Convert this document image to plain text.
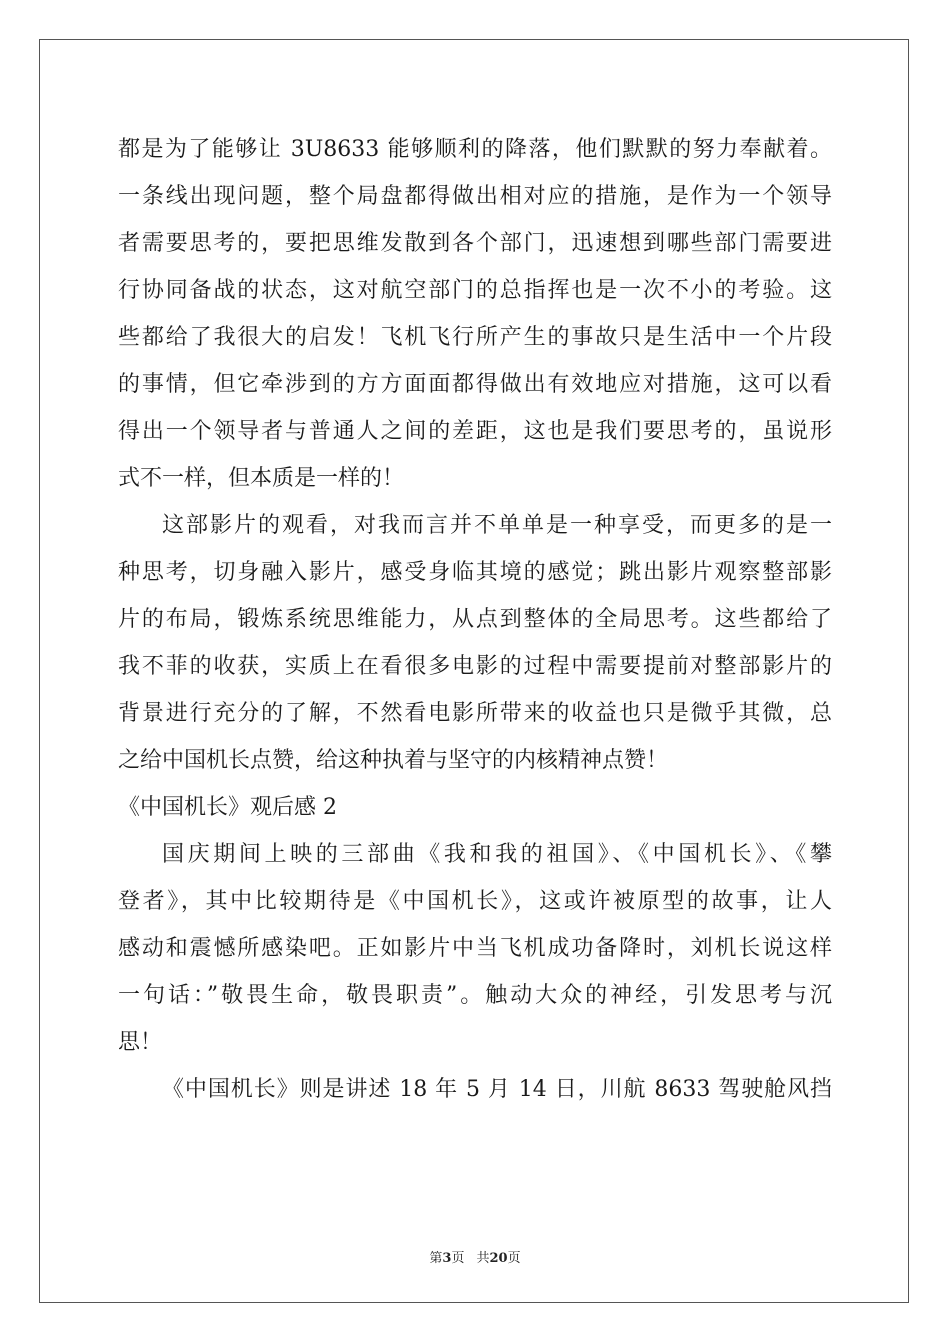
都是为了能够让 3U8633 能够顺利的降落，他们默默的努力奉献着。
一条线出现问题，整个局盘都得做出相对应的措施，是作为一个领导
者需要思考的，要把思维发散到各个部门，迅速想到哪些部门需要进
行协同备战的状态，这对航空部门的总指挥也是一次不小的考验。这
些都给了我很大的启发！飞机飞行所产生的事故只是生活中一个片段
的事情，但它牵涉到的方方面面都得做出有效地应对措施，这可以看
得出一个领导者与普通人之间的差距，这也是我们要思考的，虽说形
式不一样，但本质是一样的！
这部影片的观看，对我而言并不单单是一种享受，而更多的是一
种思考，切身融入影片，感受身临其境的感觉；跳出影片观察整部影
片的布局，锻炼系统思维能力，从点到整体的全局思考。这些都给了
我不菲的收获，实质上在看很多电影的过程中需要提前对整部影片的
背景进行充分的了解，不然看电影所带来的收益也只是微乎其微，总
之给中国机长点赞，给这种执着与坚守的内核精神点赞！
《中国机长》观后感 2
国庆期间上映的三部曲《我和我的祖国》、《中国机长》、《攀
登者》，其中比较期待是《中国机长》，这或许被原型的故事，让人
感动和震憾所感染吧。正如影片中当飞机成功备降时，刘机长说这样
一句话：”敬畏生命，敬畏职责”。触动大众的神经，引发思考与沉
思！
《中国机长》则是讲述 18 年 5 月 14 日，川航 8633 驾驶舱风挡
第3页 共20页
